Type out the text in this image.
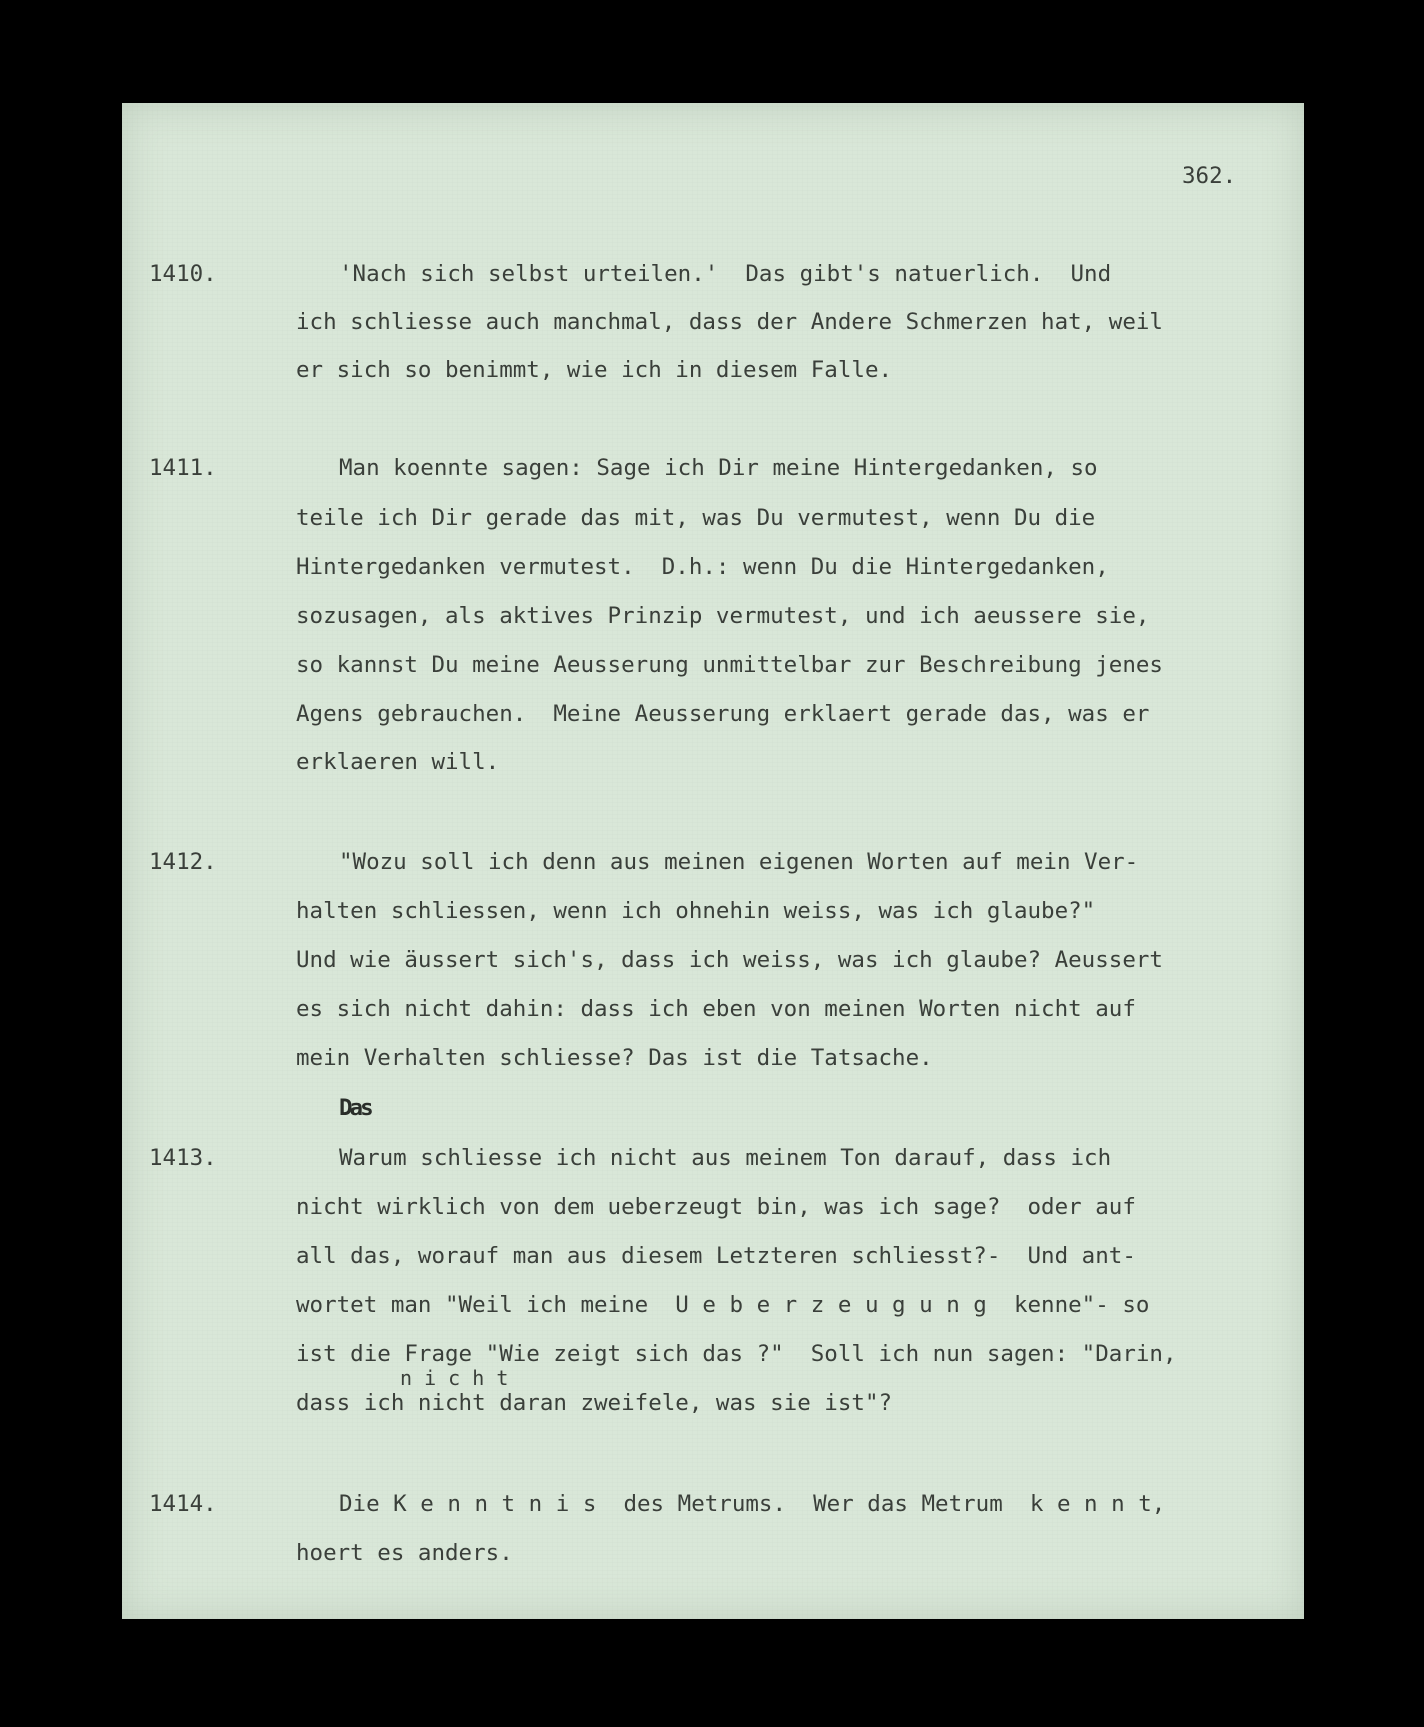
362.
1410.	'Nach sich selbst urteilen.'  Das gibt's natuerlich.  Und
ich schliesse auch manchmal, dass der Andere Schmerzen hat, weil
er sich so benimmt, wie ich in diesem Falle.
1411.	Man koennte sagen: Sage ich Dir meine Hintergedanken, so
teile ich Dir gerade das mit, was Du vermutest, wenn Du die
Hintergedanken vermutest.  D.h.: wenn Du die Hintergedanken,
sozusagen, als aktives Prinzip vermutest, und ich aeussere sie,
so kannst Du meine Aeusserung unmittelbar zur Beschreibung jenes
Agens gebrauchen.  Meine Aeusserung erklaert gerade das, was er
erklaeren will.
1412.	"Wozu soll ich denn aus meinen eigenen Worten auf mein Ver-
halten schliessen, wenn ich ohnehin weiss, was ich glaube?"
Und wie äussert sich's, dass ich weiss, was ich glaube? Aeussert
es sich nicht dahin: dass ich eben von meinen Worten nicht auf
mein Verhalten schliesse? Das ist die Tatsache.
Das
1413.	Warum schliesse ich nicht aus meinem Ton darauf, dass ich
nicht wirklich von dem ueberzeugt bin, was ich sage?  oder auf
all das, worauf man aus diesem Letzteren schliesst?-  Und ant-
wortet man "Weil ich meine  U e b e r z e u g u n g  kenne"- so
ist die Frage "Wie zeigt sich das ?"  Soll ich nun sagen: "Darin,
n i c h t
dass ich nicht daran zweifele, was sie ist"?
1414.	Die K e n n t n i s  des Metrums.  Wer das Metrum  k e n n t,
hoert es anders.
